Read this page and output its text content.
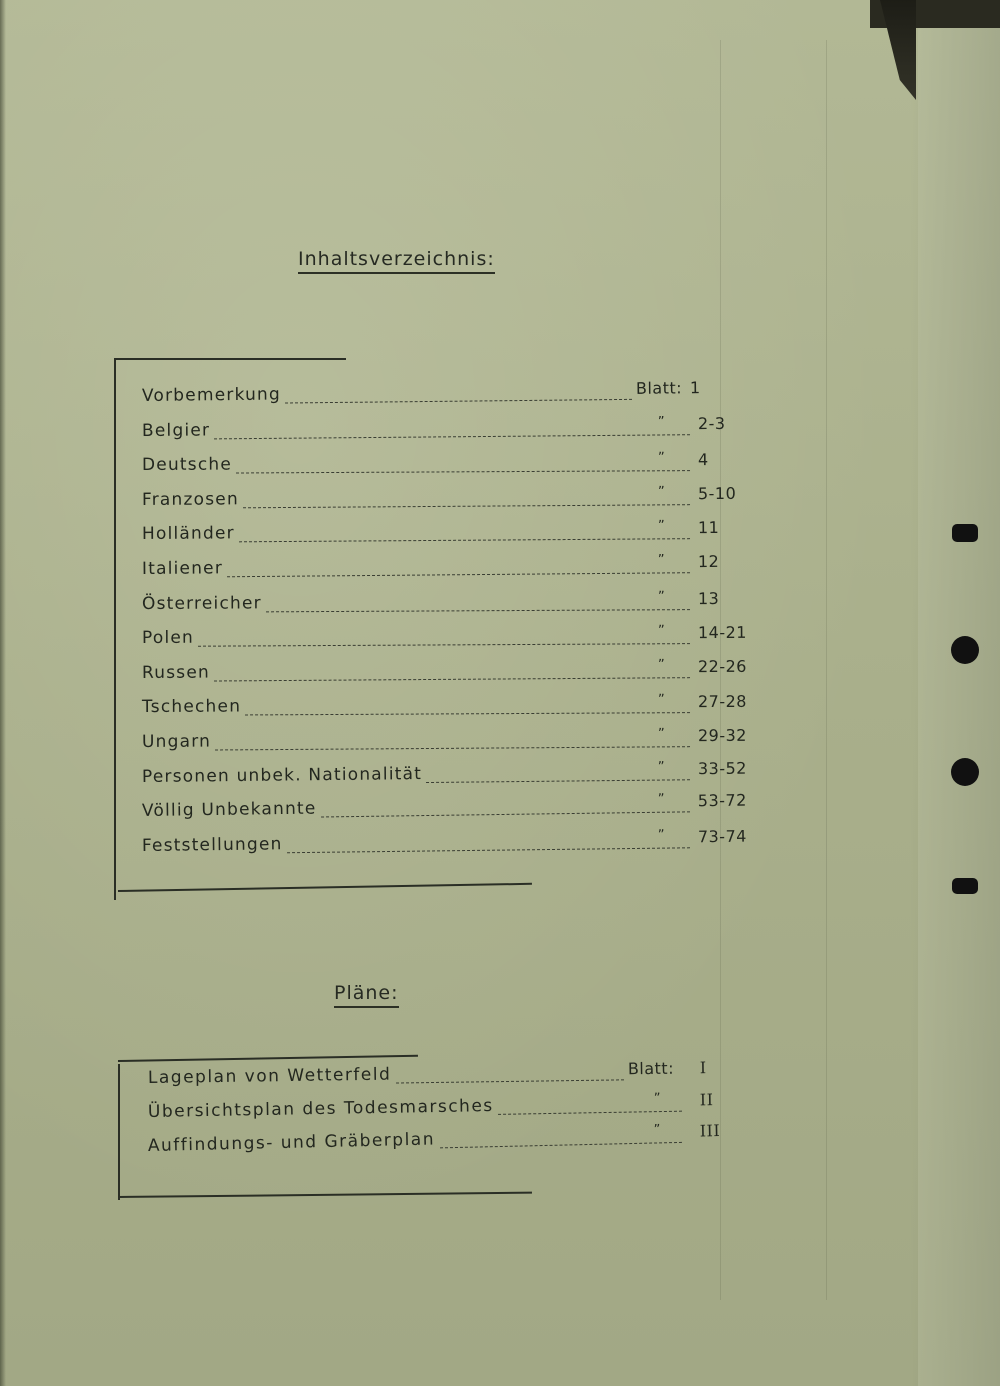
Inhaltsverzeichnis:
Vorbemerkung	Blatt: 1
Belgier	” 2-3
Deutsche	” 4
Franzosen	” 5-10
Holländer	” 11
Italiener	” 12
Österreicher	” 13
Polen	” 14-21
Russen	” 22-26
Tschechen	” 27-28
Ungarn	” 29-32
Personen unbek. Nationalität	” 33-52
Völlig Unbekannte	” 53-72
Feststellungen	” 73-74
Pläne:
Lageplan von Wetterfeld	Blatt: I
Übersichtsplan des Todesmarsches	” II
Auffindungs- und Gräberplan	” III
